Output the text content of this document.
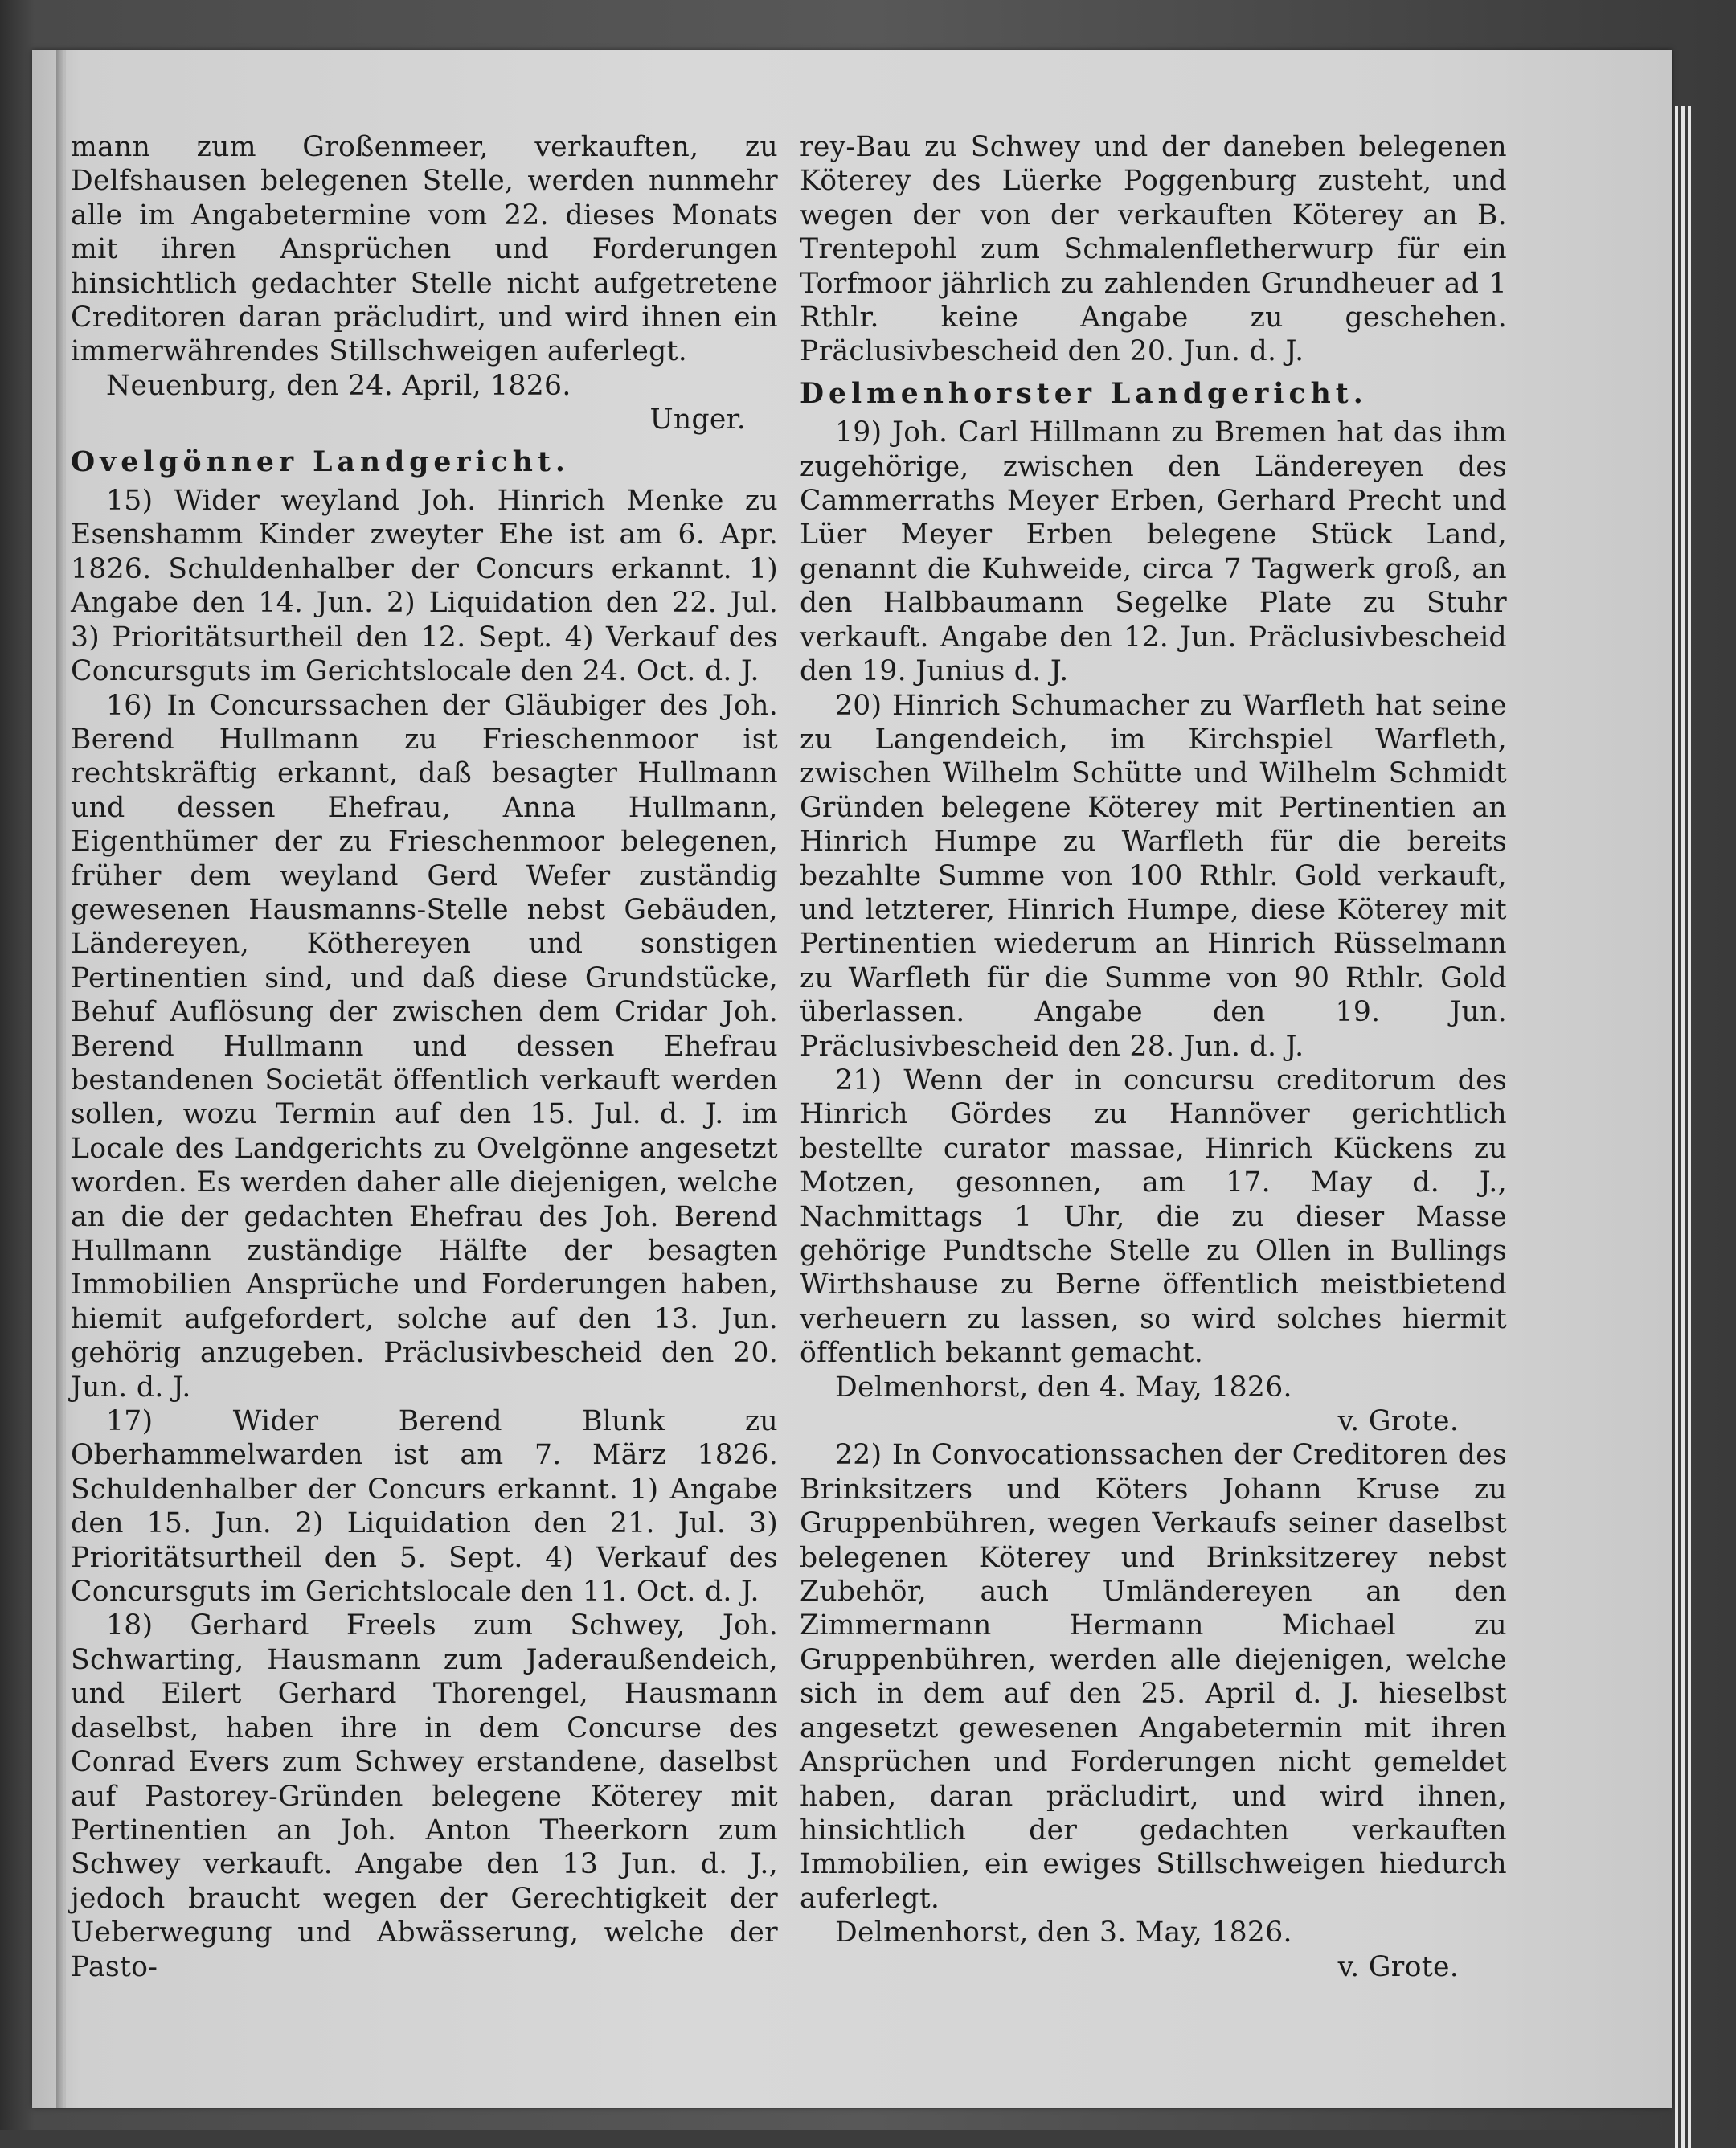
mann zum Großenmeer, verkauften, zu Delfshausen belegenen Stelle, werden nunmehr alle im Angabetermine vom 22. dieses Monats mit ihren Ansprüchen und Forderungen hinsichtlich gedachter Stelle nicht aufgetretene Creditoren daran präcludirt, und wird ihnen ein immerwährendes Stillschweigen auferlegt.

Neuenburg, den 24. April, 1826.

Unger.

Ovelgönner Landgericht.

15) Wider weyland Joh. Hinrich Menke zu Esenshamm Kinder zweyter Ehe ist am 6. Apr. 1826. Schuldenhalber der Concurs erkannt. 1) Angabe den 14. Jun. 2) Liquidation den 22. Jul. 3) Prioritätsurtheil den 12. Sept. 4) Verkauf des Concursguts im Gerichtslocale den 24. Oct. d. J.

16) In Concurssachen der Gläubiger des Joh. Berend Hullmann zu Frieschenmoor ist rechtskräftig erkannt, daß besagter Hullmann und dessen Ehefrau, Anna Hullmann, Eigenthümer der zu Frieschenmoor belegenen, früher dem weyland Gerd Wefer zuständig gewesenen Hausmanns-Stelle nebst Gebäuden, Ländereyen, Köthereyen und sonstigen Pertinentien sind, und daß diese Grundstücke, Behuf Auflösung der zwischen dem Cridar Joh. Berend Hullmann und dessen Ehefrau bestandenen Societät öffentlich verkauft werden sollen, wozu Termin auf den 15. Jul. d. J. im Locale des Landgerichts zu Ovelgönne angesetzt worden. Es werden daher alle diejenigen, welche an die der gedachten Ehefrau des Joh. Berend Hullmann zuständige Hälfte der besagten Immobilien Ansprüche und Forderungen haben, hiemit aufgefordert, solche auf den 13. Jun. gehörig anzugeben. Präclusivbescheid den 20. Jun. d. J.

17) Wider Berend Blunk zu Oberhammelwarden ist am 7. März 1826. Schuldenhalber der Concurs erkannt. 1) Angabe den 15. Jun. 2) Liquidation den 21. Jul. 3) Prioritätsurtheil den 5. Sept. 4) Verkauf des Concursguts im Gerichtslocale den 11. Oct. d. J.

18) Gerhard Freels zum Schwey, Joh. Schwarting, Hausmann zum Jaderaußendeich, und Eilert Gerhard Thorengel, Hausmann daselbst, haben ihre in dem Concurse des Conrad Evers zum Schwey erstandene, daselbst auf Pastorey-Gründen belegene Köterey mit Pertinentien an Joh. Anton Theerkorn zum Schwey verkauft. Angabe den 13 Jun. d. J., jedoch braucht wegen der Gerechtigkeit der Ueberwegung und Abwässerung, welche der Pasto-

rey-Bau zu Schwey und der daneben belegenen Köterey des Lüerke Poggenburg zusteht, und wegen der von der verkauften Köterey an B. Trentepohl zum Schmalenfletherwurp für ein Torfmoor jährlich zu zahlenden Grundheuer ad 1 Rthlr. keine Angabe zu geschehen. Präclusivbescheid den 20. Jun. d. J.

Delmenhorster Landgericht.

19) Joh. Carl Hillmann zu Bremen hat das ihm zugehörige, zwischen den Ländereyen des Cammerraths Meyer Erben, Gerhard Precht und Lüer Meyer Erben belegene Stück Land, genannt die Kuhweide, circa 7 Tagwerk groß, an den Halbbaumann Segelke Plate zu Stuhr verkauft. Angabe den 12. Jun. Präclusivbescheid den 19. Junius d. J.

20) Hinrich Schumacher zu Warfleth hat seine zu Langendeich, im Kirchspiel Warfleth, zwischen Wilhelm Schütte und Wilhelm Schmidt Gründen belegene Köterey mit Pertinentien an Hinrich Humpe zu Warfleth für die bereits bezahlte Summe von 100 Rthlr. Gold verkauft, und letzterer, Hinrich Humpe, diese Köterey mit Pertinentien wiederum an Hinrich Rüsselmann zu Warfleth für die Summe von 90 Rthlr. Gold überlassen. Angabe den 19. Jun. Präclusivbescheid den 28. Jun. d. J.

21) Wenn der in concursu creditorum des Hinrich Gördes zu Hannöver gerichtlich bestellte curator massae, Hinrich Kückens zu Motzen, gesonnen, am 17. May d. J., Nachmittags 1 Uhr, die zu dieser Masse gehörige Pundtsche Stelle zu Ollen in Bullings Wirthshause zu Berne öffentlich meistbietend verheuern zu lassen, so wird solches hiermit öffentlich bekannt gemacht.

Delmenhorst, den 4. May, 1826.

v. Grote.

22) In Convocationssachen der Creditoren des Brinksitzers und Köters Johann Kruse zu Gruppenbühren, wegen Verkaufs seiner daselbst belegenen Köterey und Brinksitzerey nebst Zubehör, auch Umländereyen an den Zimmermann Hermann Michael zu Gruppenbühren, werden alle diejenigen, welche sich in dem auf den 25. April d. J. hieselbst angesetzt gewesenen Angabetermin mit ihren Ansprüchen und Forderungen nicht gemeldet haben, daran präcludirt, und wird ihnen, hinsichtlich der gedachten verkauften Immobilien, ein ewiges Stillschweigen hiedurch auferlegt.

Delmenhorst, den 3. May, 1826.

v. Grote.
